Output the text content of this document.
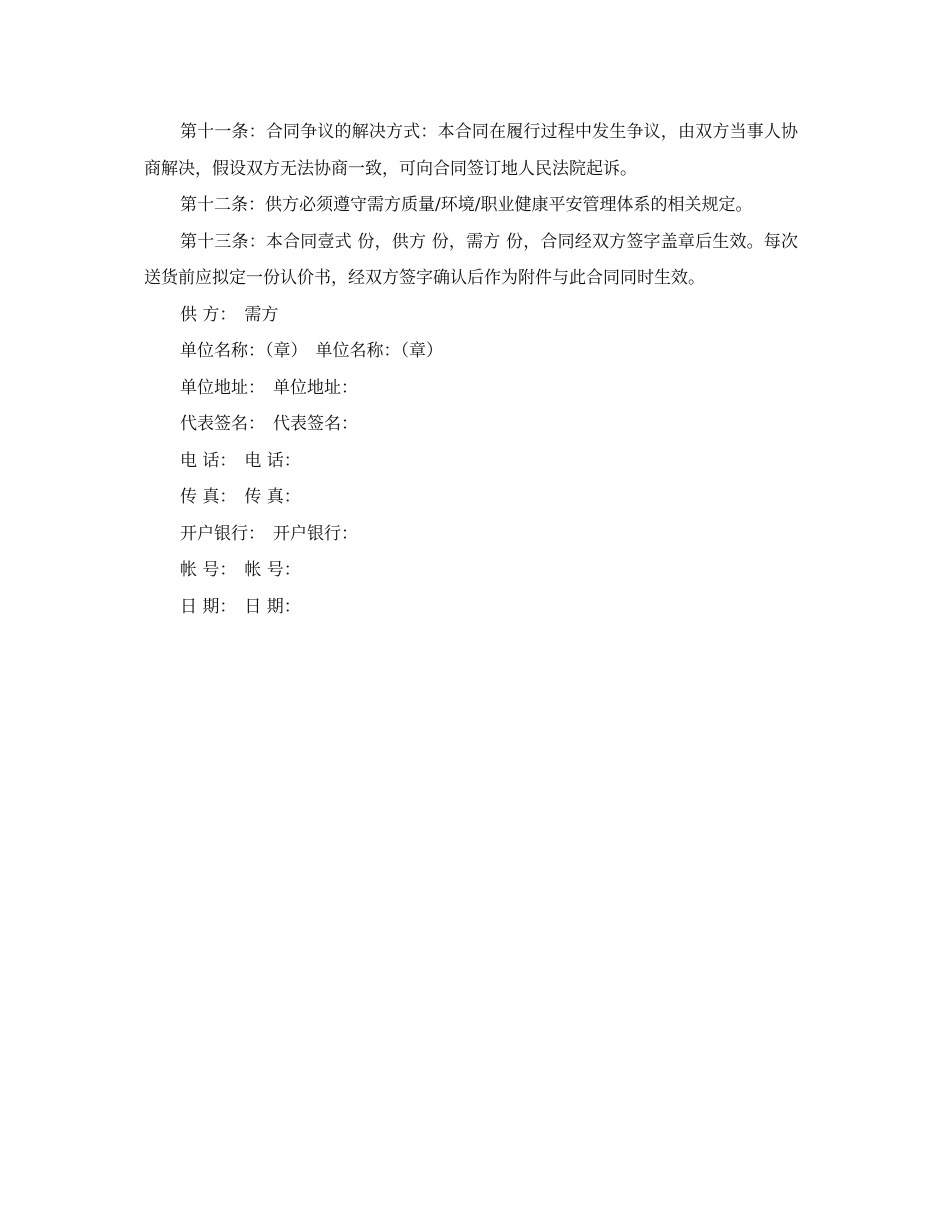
第十一条：合同争议的解决方式：本合同在履行过程中发生争议，由双方当事人协商解决，假设双方无法协商一致，可向合同签订地人民法院起诉。

第十二条：供方必须遵守需方质量/环境/职业健康平安管理体系的相关规定。

第十三条：本合同壹式 份，供方 份，需方 份，合同经双方签字盖章后生效。每次送货前应拟定一份认价书，经双方签字确认后作为附件与此合同同时生效。

供 方： 需方
单位名称：（章） 单位名称：（章）
单位地址： 单位地址：
代表签名： 代表签名：
电 话： 电 话：
传 真： 传 真：
开户银行： 开户银行：
帐 号： 帐 号：
日 期： 日 期：
